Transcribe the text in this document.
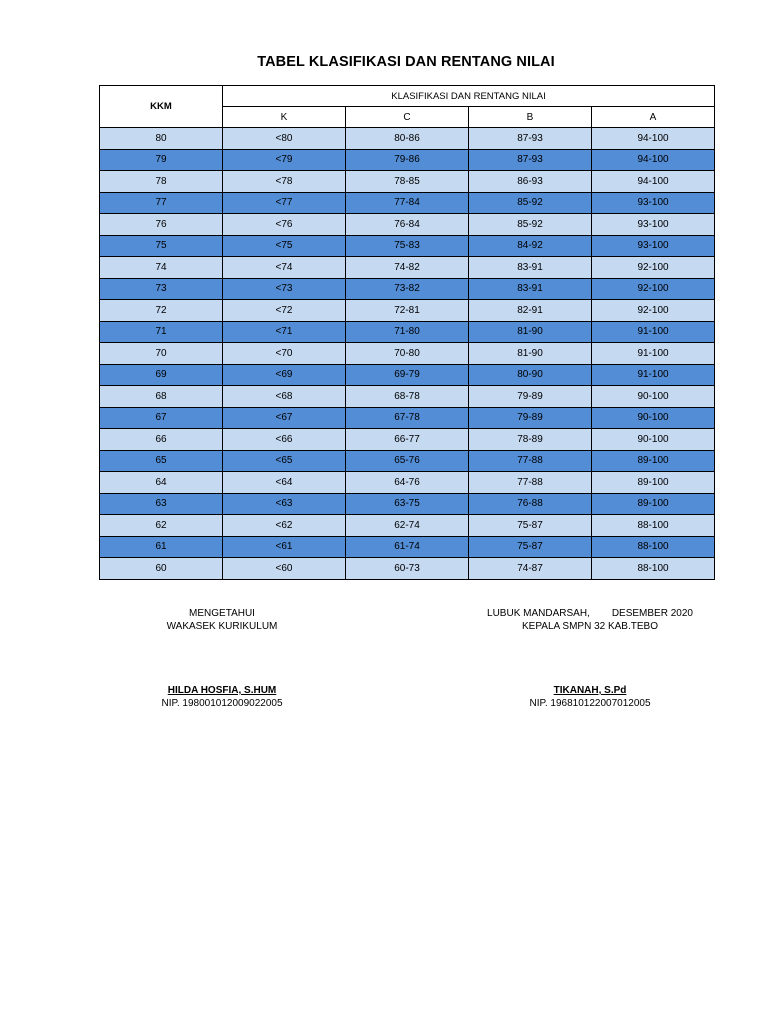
TABEL KLASIFIKASI DAN RENTANG NILAI
KKM	KLASIFIKASI DAN RENTANG NILAI			
	K	C	B	A
80	<80	80-86	87-93	94-100
79	<79	79-86	87-93	94-100
78	<78	78-85	86-93	94-100
77	<77	77-84	85-92	93-100
76	<76	76-84	85-92	93-100
75	<75	75-83	84-92	93-100
74	<74	74-82	83-91	92-100
73	<73	73-82	83-91	92-100
72	<72	72-81	82-91	92-100
71	<71	71-80	81-90	91-100
70	<70	70-80	81-90	91-100
69	<69	69-79	80-90	91-100
68	<68	68-78	79-89	90-100
67	<67	67-78	79-89	90-100
66	<66	66-77	78-89	90-100
65	<65	65-76	77-88	89-100
64	<64	64-76	77-88	89-100
63	<63	63-75	76-88	89-100
62	<62	62-74	75-87	88-100
61	<61	61-74	75-87	88-100
60	<60	60-73	74-87	88-100
MENGETAHUI
WAKASEK KURIKULUM
LUBUK MANDARSAH, DESEMBER 2020
KEPALA SMPN 32 KAB.TEBO
HILDA HOSFIA, S.HUM
NIP. 198001012009022005
TIKANAH, S.Pd
NIP. 196810122007012005
